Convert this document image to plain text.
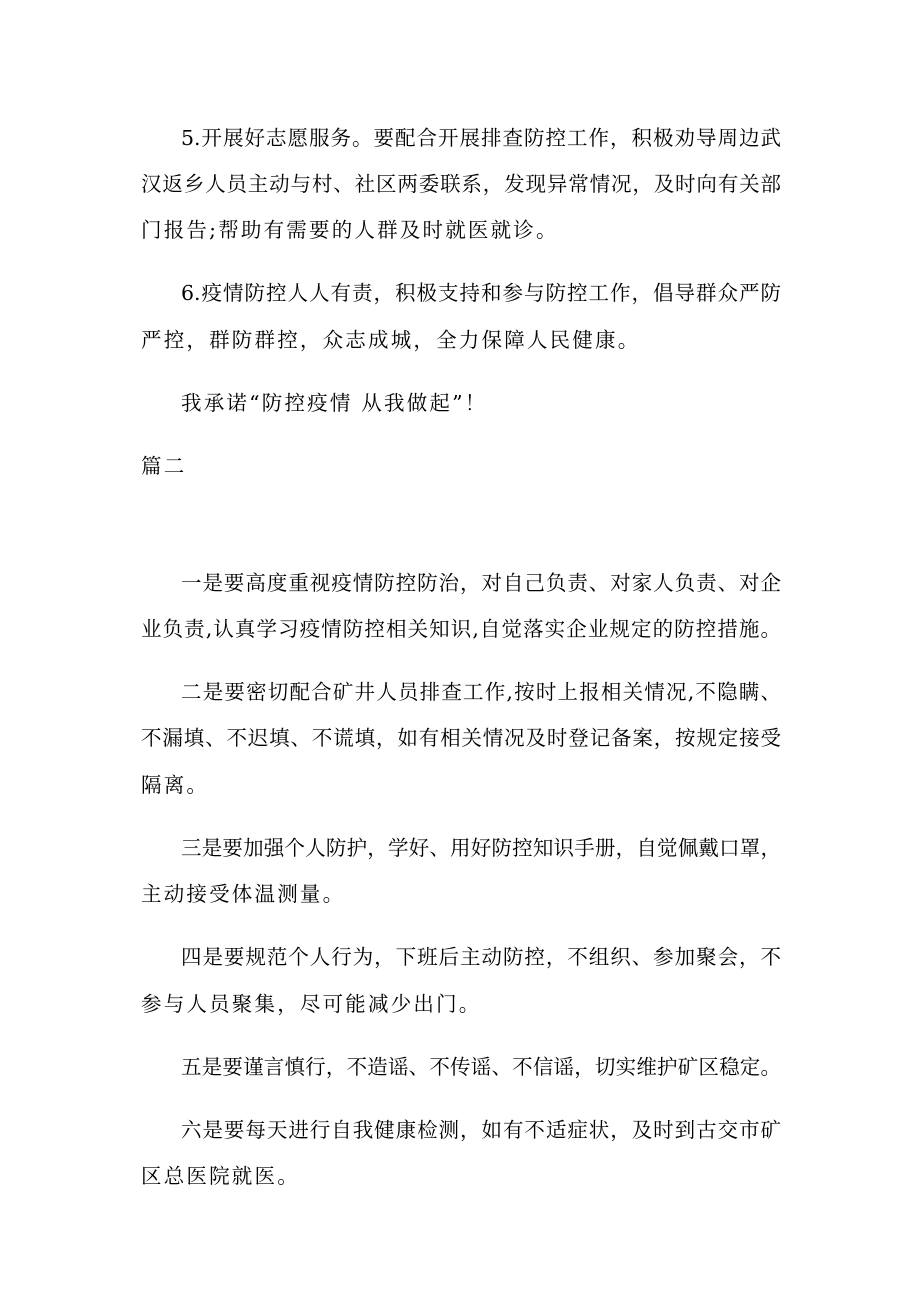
5.开展好志愿服务。要配合开展排查防控工作，积极劝导周边武
汉返乡人员主动与村、社区两委联系，发现异常情况，及时向有关部
门报告;帮助有需要的人群及时就医就诊。
6.疫情防控人人有责，积极支持和参与防控工作，倡导群众严防
严控，群防群控，众志成城，全力保障人民健康。
我承诺“防控疫情 从我做起”！
篇二
一是要高度重视疫情防控防治，对自己负责、对家人负责、对企
业负责,认真学习疫情防控相关知识,自觉落实企业规定的防控措施。
二是要密切配合矿井人员排查工作,按时上报相关情况,不隐瞒、
不漏填、不迟填、不谎填，如有相关情况及时登记备案，按规定接受
隔离。
三是要加强个人防护，学好、用好防控知识手册，自觉佩戴口罩，
主动接受体温测量。
四是要规范个人行为，下班后主动防控，不组织、参加聚会，不
参与人员聚集，尽可能减少出门。
五是要谨言慎行，不造谣、不传谣、不信谣，切实维护矿区稳定。
六是要每天进行自我健康检测，如有不适症状，及时到古交市矿
区总医院就医。
